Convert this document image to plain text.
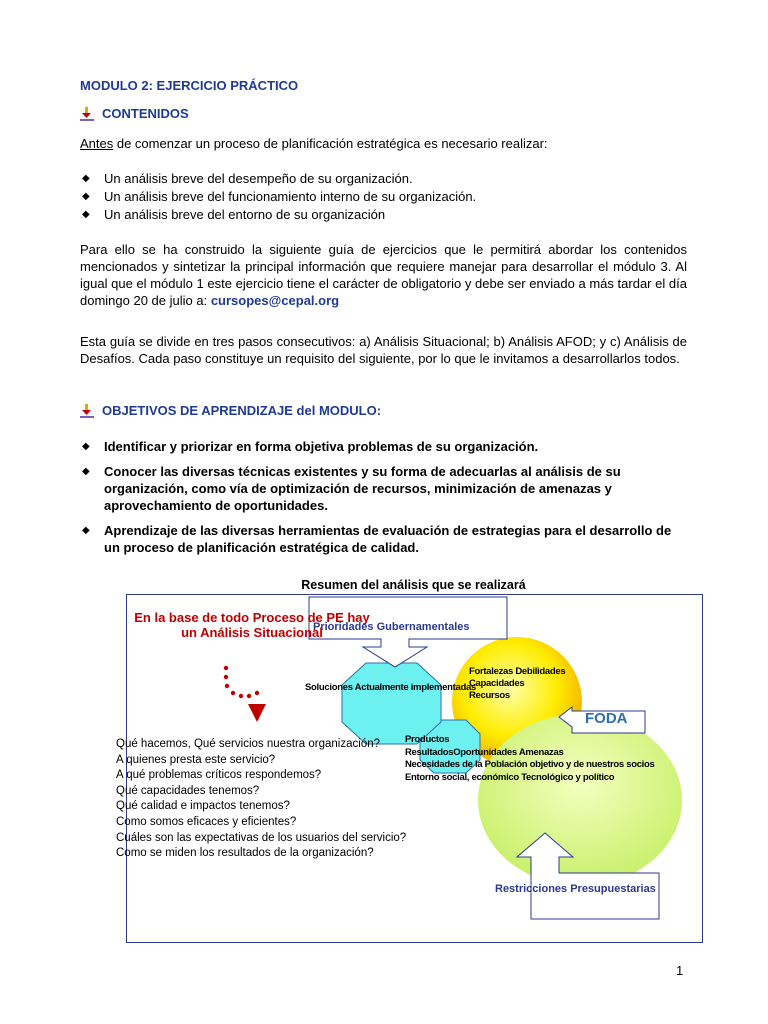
MODULO 2: EJERCICIO PRÁCTICO
CONTENIDOS
Antes de comenzar un proceso de planificación estratégica es necesario realizar:
◆ Un análisis breve del desempeño de su organización.
◆ Un análisis breve del funcionamiento interno de su organización.
◆ Un análisis breve del entorno de su organización
Para ello se ha construido la siguiente guía de ejercicios que le permitirá abordar los contenidos mencionados y sintetizar la principal información que requiere manejar para desarrollar el módulo 3. Al igual que el módulo 1 este ejercicio tiene el carácter de obligatorio y debe ser enviado a más tardar el día domingo 20 de julio a: cursopes@cepal.org
Esta guía se divide en tres pasos consecutivos: a) Análisis Situacional; b) Análisis AFOD; y c) Análisis de Desafíos. Cada paso constituye un requisito del siguiente, por lo que le invitamos a desarrollarlos todos.
OBJETIVOS DE APRENDIZAJE del MODULO:
◆ Identificar y priorizar en forma objetiva problemas de su organización.
◆ Conocer las diversas técnicas existentes y su forma de adecuarlas al análisis de su organización, como vía de optimización de recursos, minimización de amenazas y aprovechamiento de oportunidades.
◆ Aprendizaje de las diversas herramientas de evaluación de estrategias para el desarrollo de un proceso de planificación estratégica de calidad.
Resumen del análisis que se realizará
En la base de todo Proceso de PE hay
un Análisis Situacional
Prioridades Gubernamentales
Soluciones Actualmente implementadas
Fortalezas Debilidades
Capacidades
Recursos
FODA
Productos
ResultadosOportunidades Amenazas
Necesidades de la Población objetivo y de nuestros socios
Entorno social, económico Tecnológico y político
Restricciones Presupuestarias
Qué hacemos, Qué servicios nuestra organización?
A quienes presta este servicio?
A qué problemas críticos respondemos?
Qué capacidades tenemos?
Qué calidad e impactos tenemos?
Como somos eficaces y eficientes?
Cuáles son las expectativas de los usuarios del servicio?
Como se miden los resultados de la organización?
1
